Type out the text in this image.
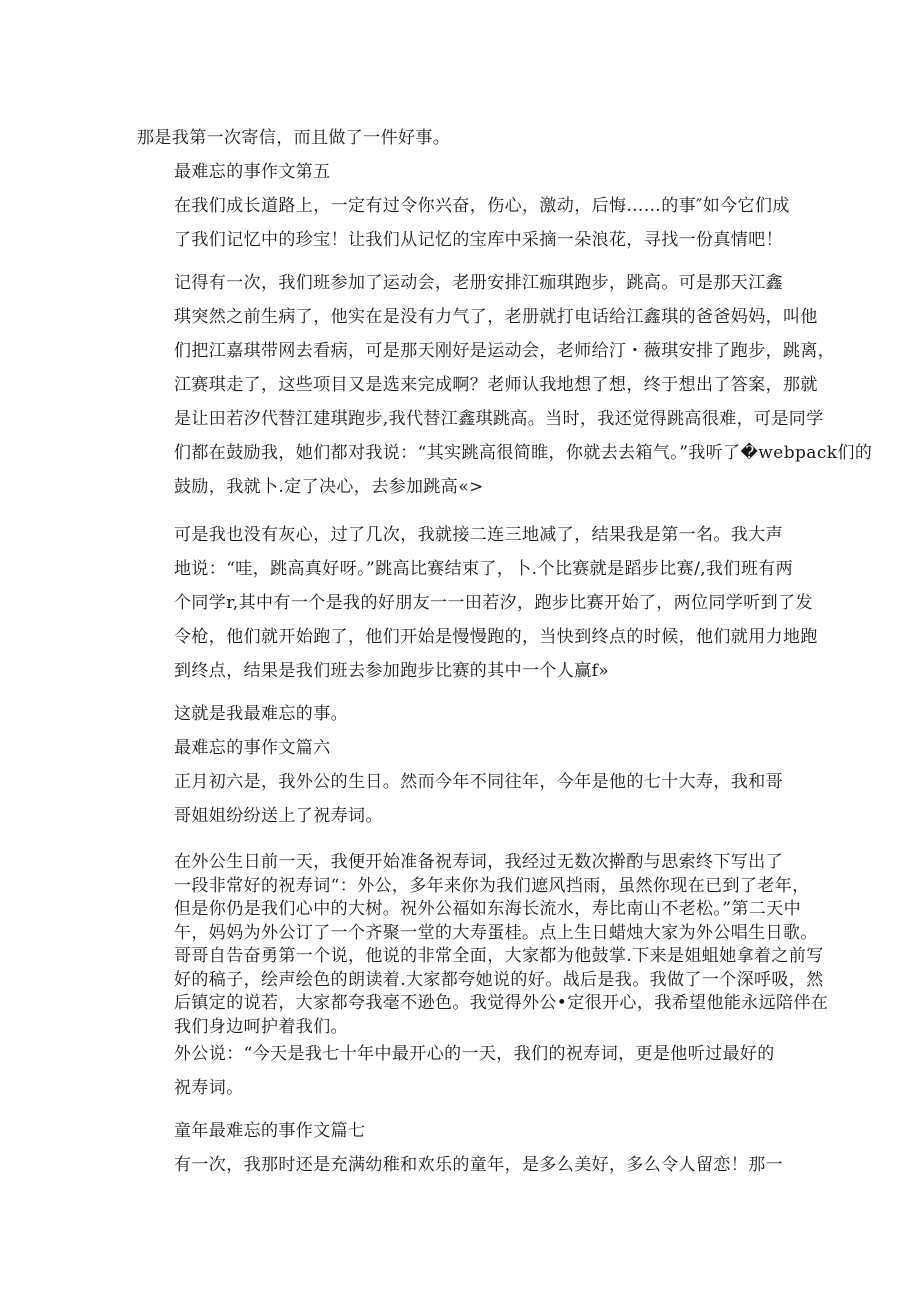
那是我第一次寄信，而且做了一件好事。
最难忘的事作文第五
在我们成长道路上，一定有过令你兴奋，伤心，激动，后悔……的事″如今它们成
了我们记忆中的珍宝！让我们从记忆的宝库中采摘一朵浪花，寻找一份真情吧！
记得有一次，我们班参加了运动会，老册安排江痂琪跑步，跳高。可是那天江鑫
琪突然之前生病了，他实在是没有力气了，老册就打电话给江鑫琪的爸爸妈妈，叫他
们把江嘉琪带网去看病，可是那天刚好是运动会，老师给汀・薇琪安排了跑步，跳离，
江赛琪走了，这些项目又是选来完成啊？老师认我地想了想，终于想出了答案，那就
是让田若汐代替江建琪跑步,我代替江鑫琪跳高。当时，我还觉得跳高很难，可是同学
们都在鼓励我，她们都对我说：“其实跳高很简睢，你就去去箱气。”我听了�webpack们的
鼓励，我就卜.定了决心，去参加跳高«>
可是我也没有灰心，过了几次，我就接二连三地减了，结果我是第一名。我大声
地说：“哇，跳高真好呀。”跳高比赛结束了，卜.个比赛就是蹈步比赛/,我们班有两
个同学r,其中有一个是我的好朋友一一田若汐，跑步比赛开始了，两位同学听到了发
令枪，他们就开始跑了，他们开始是慢慢跑的，当快到终点的时候，他们就用力地跑
到终点，结果是我们班去参加跑步比赛的其中一个人赢f»
这就是我最难忘的事。
最难忘的事作文篇六
正月初六是，我外公的生日。然而今年不同往年，今年是他的七十大寿，我和哥
哥姐姐纷纷送上了祝寿词。
在外公生日前一天，我便开始准备祝寿词，我经过无数次擀酌与思索终下写出了
一段非常好的祝寿词“：外公，多年来你为我们遮风挡雨，虽然你现在已到了老年，
但是你仍是我们心中的大树。祝外公福如东海长流水，寿比南山不老松。”第二天中
午，妈妈为外公订了一个齐聚一堂的大寿蛋桂。点上生日蜡烛大家为外公唱生日歌。
哥哥自告奋勇第一个说，他说的非常全面，大家都为他鼓掌.下来是姐蛆她拿着之前写
好的稿子，绘声绘色的朗读着.大家都夸她说的好。战后是我。我做了一个深呼吸，然
后镇定的说若，大家都夸我毫不逊色。我觉得外公•定很开心，我希望他能永远陪伴在
我们身边呵护着我们。
外公说：“今天是我七十年中最开心的一天，我们的祝寿词，更是他听过最好的
祝寿词。
童年最难忘的事作文篇七
有一次，我那时还是充满幼稚和欢乐的童年，是多么美好，多么令人留恋！那一
